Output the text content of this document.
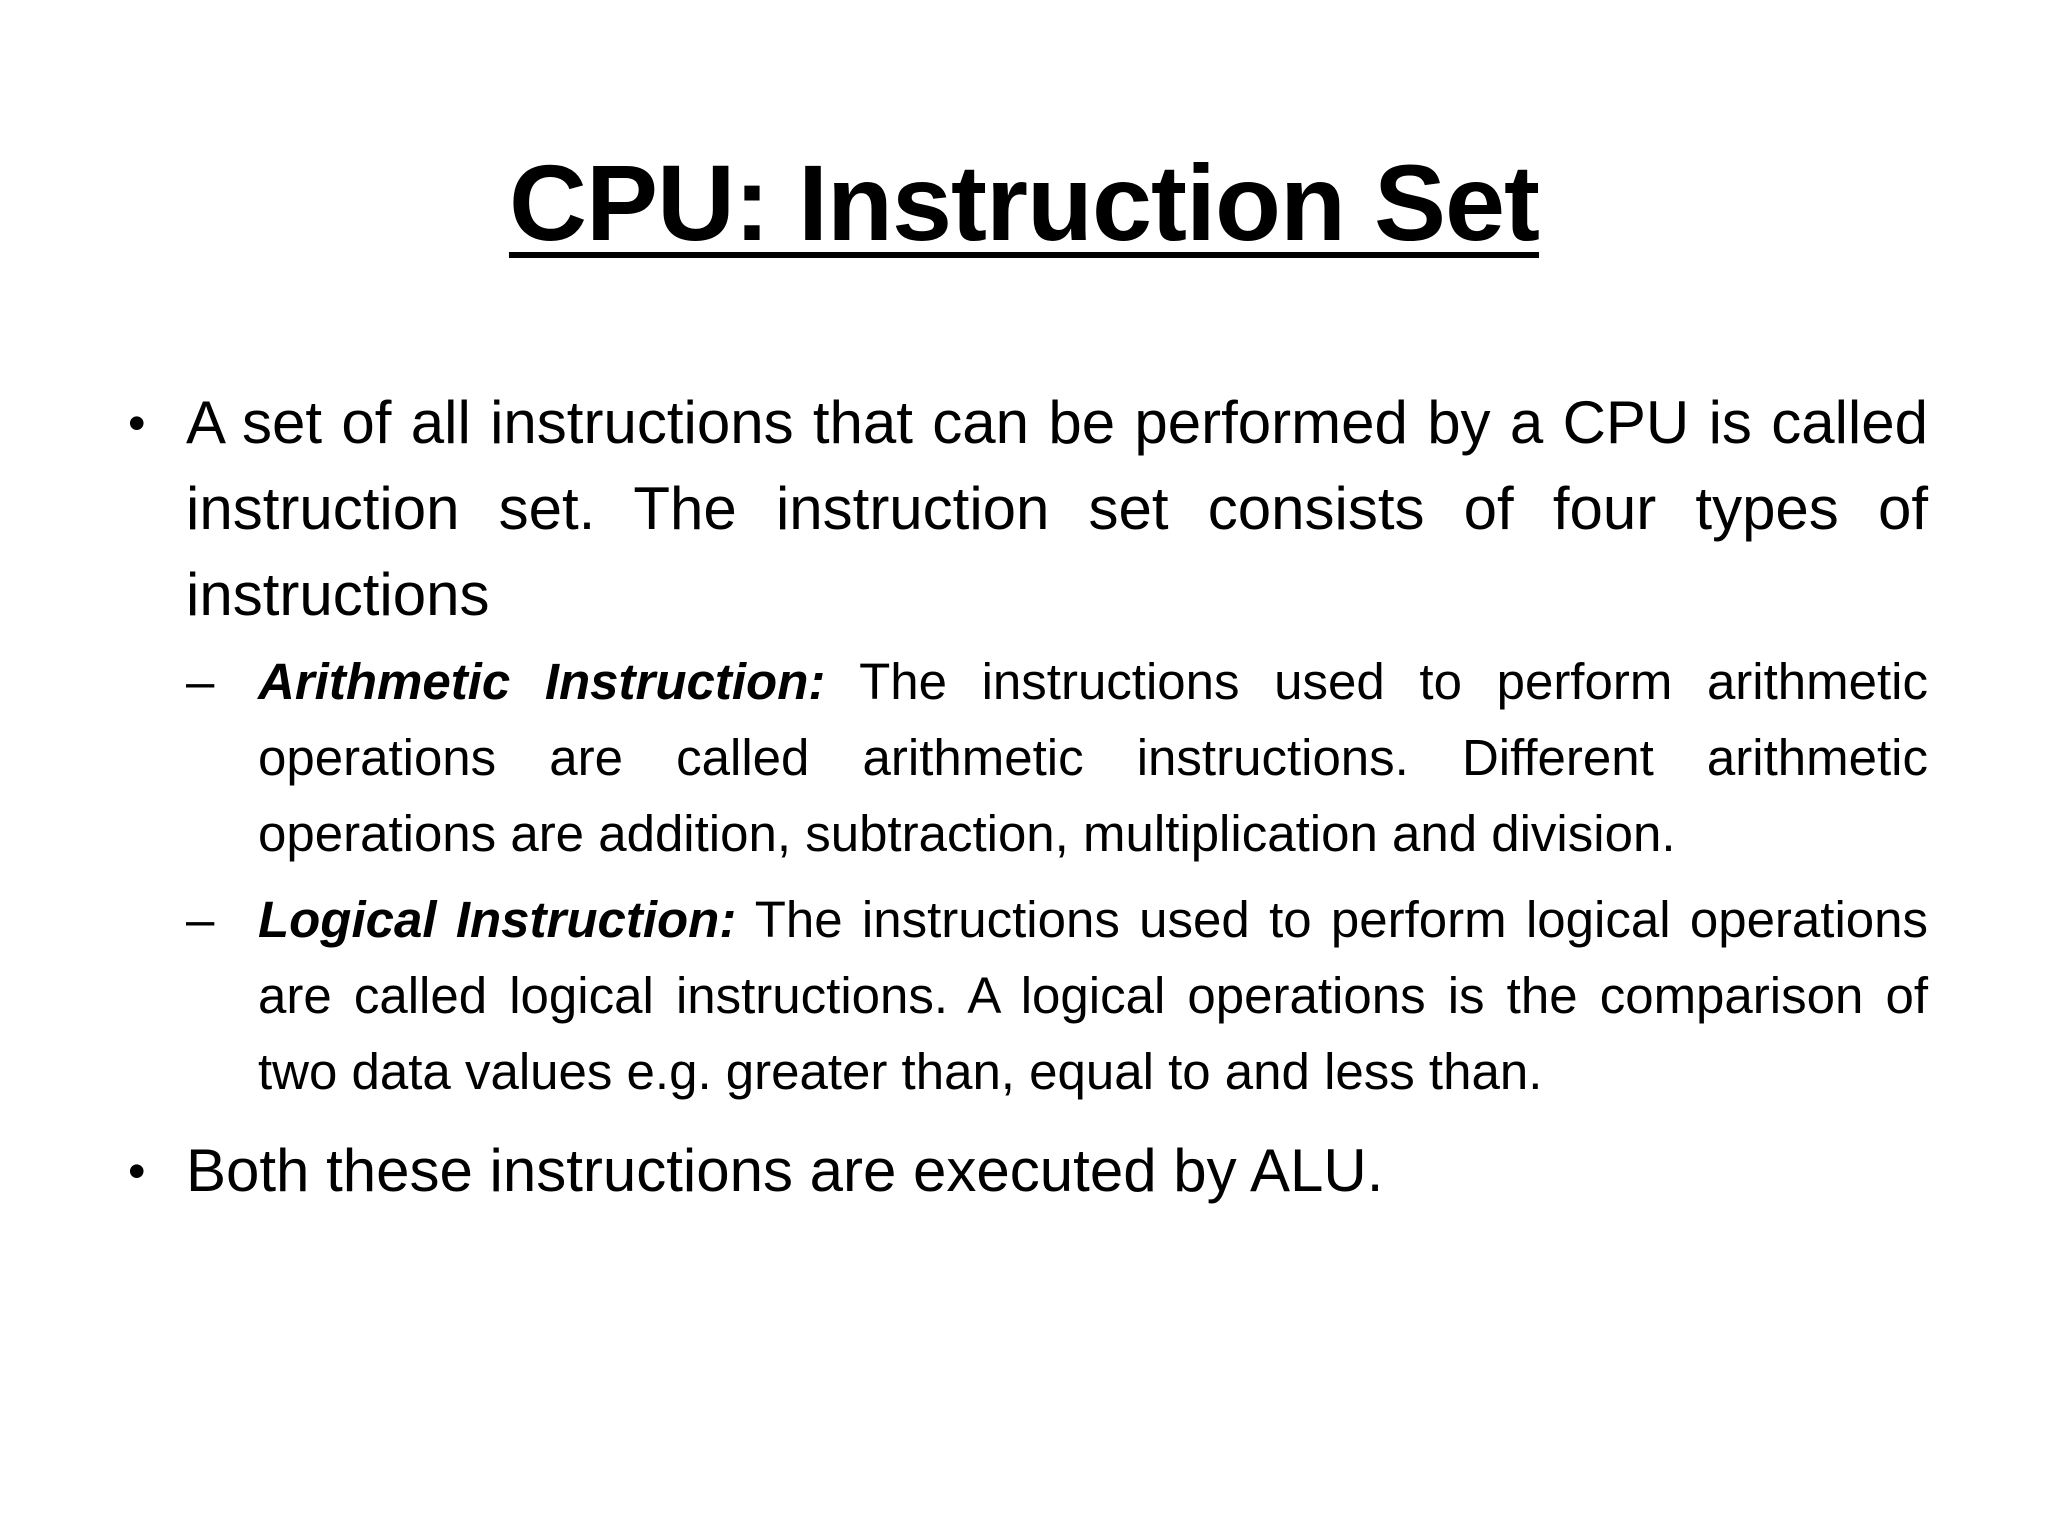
CPU: Instruction Set
• A set of all instructions that can be performed by a CPU is called instruction set. The instruction set consists of four types of instructions
– Arithmetic Instruction: The instructions used to perform arithmetic operations are called arithmetic instructions. Different arithmetic operations are addition, subtraction, multiplication and division.
– Logical Instruction: The instructions used to perform logical operations are called logical instructions. A logical operations is the comparison of two data values e.g. greater than, equal to and less than.
• Both these instructions are executed by ALU.
